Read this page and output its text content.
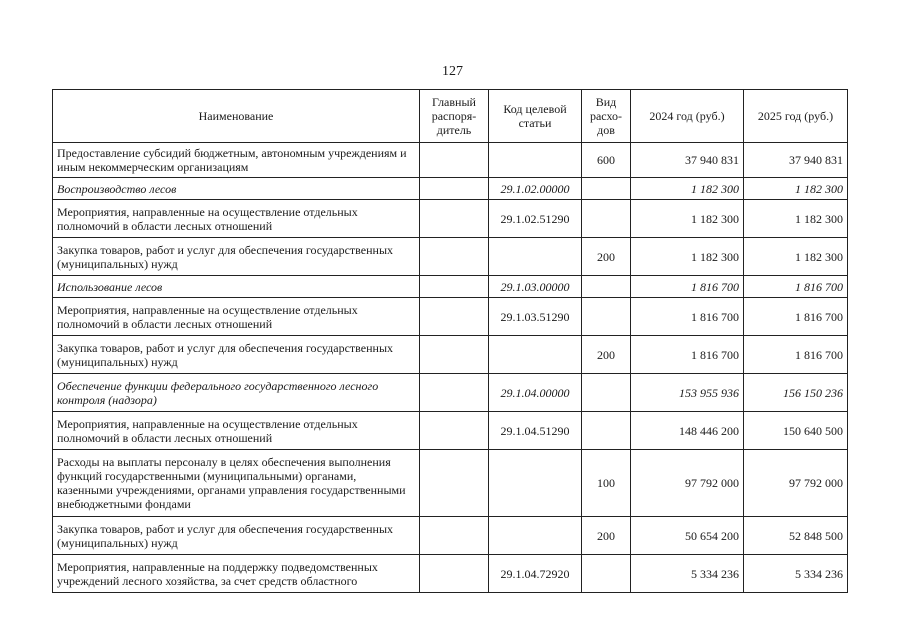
127
Наименование	Главный распоря-дитель	Код целевой статьи	Вид расхо-дов	2024 год (руб.)	2025 год (руб.)
Предоставление субсидий бюджетным, автономным учреждениям и иным некоммерческим организациям			600	37 940 831	37 940 831
Воспроизводство лесов		29.1.02.00000		1 182 300	1 182 300
Мероприятия, направленные на осуществление отдельных полномочий в области лесных отношений		29.1.02.51290		1 182 300	1 182 300
Закупка товаров, работ и услуг для обеспечения государственных (муниципальных) нужд			200	1 182 300	1 182 300
Использование лесов		29.1.03.00000		1 816 700	1 816 700
Мероприятия, направленные на осуществление отдельных полномочий в области лесных отношений		29.1.03.51290		1 816 700	1 816 700
Закупка товаров, работ и услуг для обеспечения государственных (муниципальных) нужд			200	1 816 700	1 816 700
Обеспечение функции федерального государственного лесного контроля (надзора)		29.1.04.00000		153 955 936	156 150 236
Мероприятия, направленные на осуществление отдельных полномочий в области лесных отношений		29.1.04.51290		148 446 200	150 640 500
Расходы на выплаты персоналу в целях обеспечения выполнения функций государственными (муниципальными) органами, казенными учреждениями, органами управления государственными внебюджетными фондами			100	97 792 000	97 792 000
Закупка товаров, работ и услуг для обеспечения государственных (муниципальных) нужд			200	50 654 200	52 848 500
Мероприятия, направленные на поддержку подведомственных учреждений лесного хозяйства, за счет средств областного		29.1.04.72920		5 334 236	5 334 236
